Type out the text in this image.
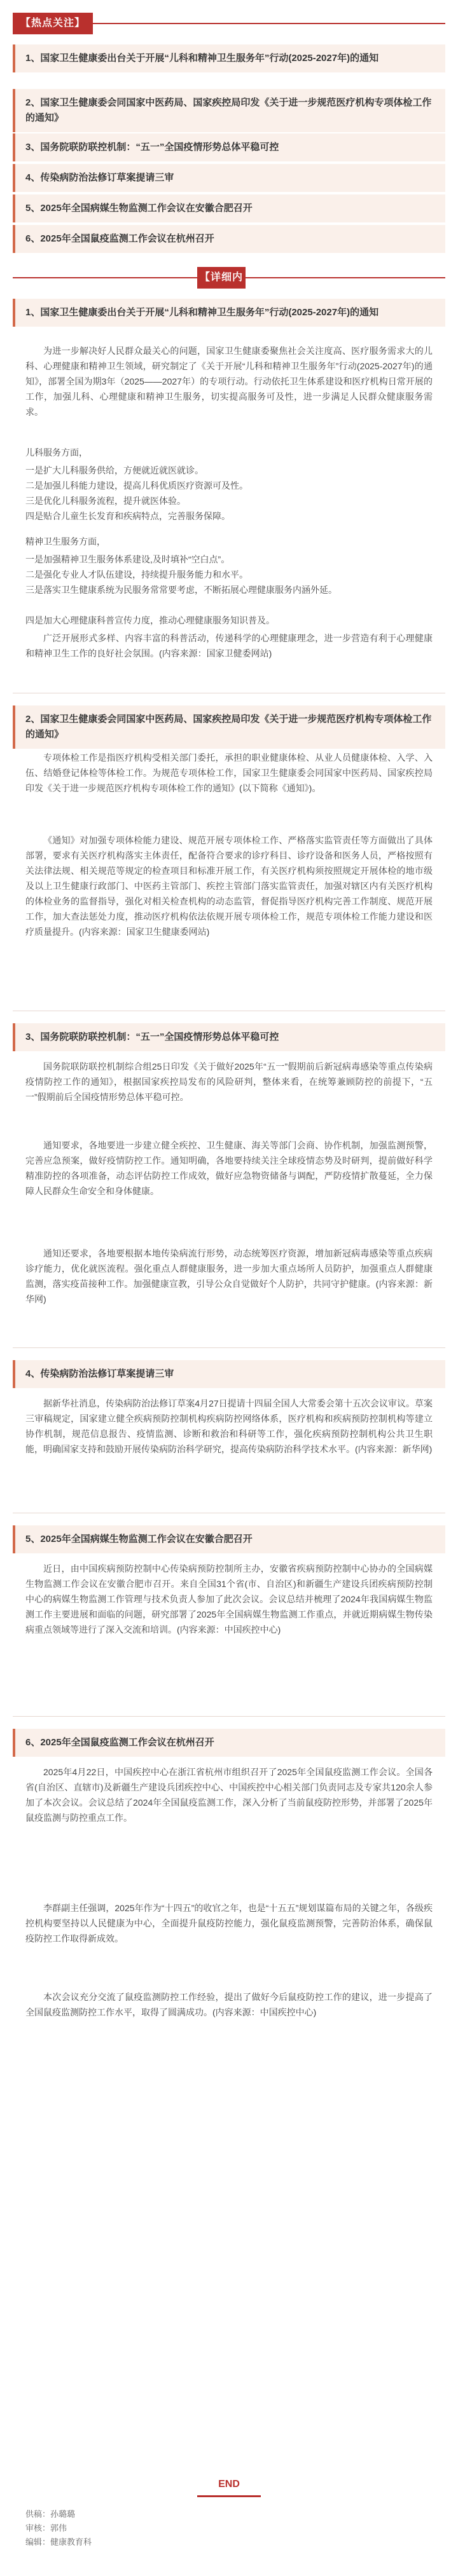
【热点关注】
1、国家卫生健康委出台关于开展“儿科和精神卫生服务年”行动(2025-2027年)的通知
2、国家卫生健康委会同国家中医药局、国家疾控局印发《关于进一步规范医疗机构专项体检工作的通知》
3、国务院联防联控机制：“五一”全国疫情形势总体平稳可控
4、传染病防治法修订草案提请三审
5、2025年全国病媒生物监测工作会议在安徽合肥召开
6、2025年全国鼠疫监测工作会议在杭州召开
【详细内
1、国家卫生健康委出台关于开展“儿科和精神卫生服务年”行动(2025-2027年)的通知
为进一步解决好人民群众最关心的问题，国家卫生健康委聚焦社会关注度高、医疗服务需求大的儿科、心理健康和精神卫生领域，研究制定了《关于开展“儿科和精神卫生服务年”行动(2025-2027年)的通知》，部署全国为期3年（2025——2027年）的专项行动。行动依托卫生体系建设和医疗机构日常开展的工作，加强儿科、心理健康和精神卫生服务，切实提高服务可及性，进一步满足人民群众健康服务需求。
儿科服务方面，
一是扩大儿科服务供给，方便就近就医就诊。
二是加强儿科能力建设，提高儿科优质医疗资源可及性。
三是优化儿科服务流程，提升就医体验。
四是贴合儿童生长发育和疾病特点，完善服务保障。
精神卫生服务方面，
一是加强精神卫生服务体系建设,及时填补“空白点”。
二是强化专业人才队伍建设，持续提升服务能力和水平。
三是落实卫生健康系统为民服务常常要考虑，不断拓展心理健康服务内涵外延。
四是加大心理健康科普宣传力度，推动心理健康服务知识普及。
广泛开展形式多样、内容丰富的科普活动，传递科学的心理健康理念，进一步营造有利于心理健康和精神卫生工作的良好社会氛围。(内容来源：国家卫健委网站)
2、国家卫生健康委会同国家中医药局、国家疾控局印发《关于进一步规范医疗机构专项体检工作的通知》
专项体检工作是指医疗机构受相关部门委托，承担的职业健康体检、从业人员健康体检、入学、入伍、结婚登记体检等体检工作。为规范专项体检工作，国家卫生健康委会同国家中医药局、国家疾控局印发《关于进一步规范医疗机构专项体检工作的通知》(以下简称《通知》)。
《通知》对加强专项体检能力建设、规范开展专项体检工作、严格落实监管责任等方面做出了具体部署，要求有关医疗机构落实主体责任，配备符合要求的诊疗科目、诊疗设备和医务人员，严格按照有关法律法规、相关规范等规定的检查项目和标准开展工作，有关医疗机构须按照规定开展体检的地市级及以上卫生健康行政部门、中医药主管部门、疾控主管部门落实监管责任，加强对辖区内有关医疗机构的体检业务的监督指导，强化对相关检查机构的动态监管，督促指导医疗机构完善工作制度、规范开展工作，加大查法惩处力度，推动医疗机构依法依规开展专项体检工作，规范专项体检工作能力建设和医疗质量提升。(内容来源：国家卫生健康委网站)
3、国务院联防联控机制：“五一”全国疫情形势总体平稳可控
国务院联防联控机制综合组25日印发《关于做好2025年“五一”假期前后新冠病毒感染等重点传染病疫情防控工作的通知》，根据国家疾控局发布的风险研判，整体来看，在统筹兼顾防控的前提下，“五一”假期前后全国疫情形势总体平稳可控。
通知要求，各地要进一步建立健全疾控、卫生健康、海关等部门会商、协作机制，加强监测预警，完善应急预案，做好疫情防控工作。通知明确，各地要持续关注全球疫情态势及时研判，提前做好科学精准防控的各项准备，动态评估防控工作成效，做好应急物资储备与调配，严防疫情扩散蔓延，全力保障人民群众生命安全和身体健康。
通知还要求，各地要根据本地传染病流行形势，动态统筹医疗资源，增加新冠病毒感染等重点疾病诊疗能力，优化就医流程。强化重点人群健康服务，进一步加大重点场所人员防护，加强重点人群健康监测，落实疫苗接种工作。加强健康宣教，引导公众自觉做好个人防护，共同守护健康。(内容来源：新华网)
4、传染病防治法修订草案提请三审
据新华社消息，传染病防治法修订草案4月27日提请十四届全国人大常委会第十五次会议审议。草案三审稿规定，国家建立健全疾病预防控制机构疾病防控网络体系，医疗机构和疾病预防控制机构等建立协作机制，规范信息报告、疫情监测、诊断和救治和科研等工作，强化疾病预防控制机构公共卫生职能，明确国家支持和鼓励开展传染病防治科学研究，提高传染病防治科学技术水平。(内容来源：新华网)
5、2025年全国病媒生物监测工作会议在安徽合肥召开
近日，由中国疾病预防控制中心传染病预防控制所主办，安徽省疾病预防控制中心协办的全国病媒生物监测工作会议在安徽合肥市召开。来自全国31个省(市、自治区)和新疆生产建设兵团疾病预防控制中心的病媒生物监测工作管理与技术负责人参加了此次会议。会议总结并梳理了2024年我国病媒生物监测工作主要进展和面临的问题，研究部署了2025年全国病媒生物监测工作重点，并就近期病媒生物传染病重点领域等进行了深入交流和培训。(内容来源：中国疾控中心)
6、2025年全国鼠疫监测工作会议在杭州召开
2025年4月22日，中国疾控中心在浙江省杭州市组织召开了2025年全国鼠疫监测工作会议。全国各省(自治区、直辖市)及新疆生产建设兵团疾控中心、中国疾控中心相关部门负责同志及专家共120余人参加了本次会议。会议总结了2024年全国鼠疫监测工作，深入分析了当前鼠疫防控形势，并部署了2025年鼠疫监测与防控重点工作。
李群副主任强调，2025年作为“十四五”的收官之年，也是“十五五”规划谋篇布局的关键之年，各级疾控机构要坚持以人民健康为中心，全面提升鼠疫防控能力，强化鼠疫监测预警，完善防治体系，确保鼠疫防控工作取得新成效。
本次会议充分交流了鼠疫监测防控工作经验，提出了做好今后鼠疫防控工作的建议，进一步提高了全国鼠疫监测防控工作水平，取得了圆满成功。(内容来源：中国疾控中心)
END
供稿：孙璐璐
审核：郭伟
编辑：健康教育科
